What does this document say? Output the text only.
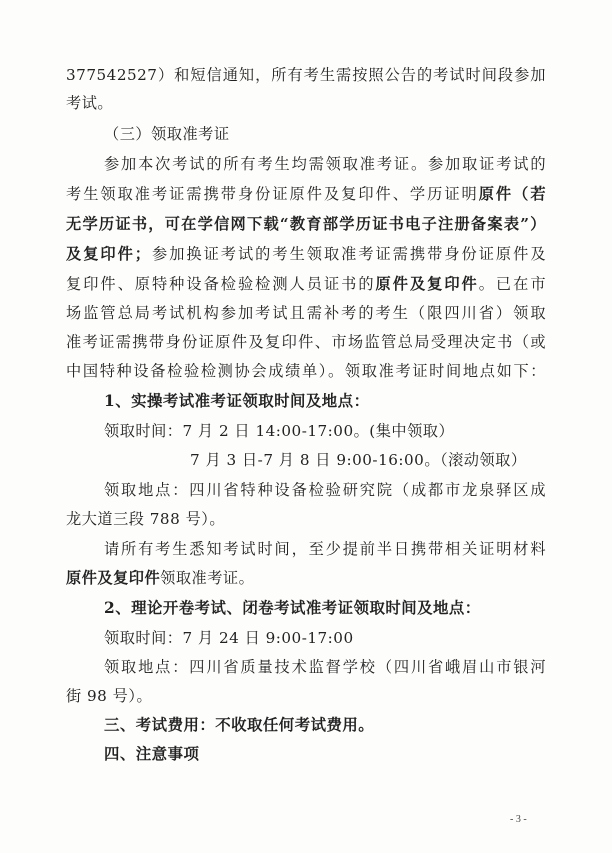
377542527）和短信通知，所有考生需按照公告的考试时间段参加
考试。
（三）领取准考证
参加本次考试的所有考生均需领取准考证。参加取证考试的
考生领取准考证需携带身份证原件及复印件、学历证明原件（若
无学历证书，可在学信网下载“教育部学历证书电子注册备案表”）
及复印件；参加换证考试的考生领取准考证需携带身份证原件及
复印件、原特种设备检验检测人员证书的原件及复印件。已在市
场监管总局考试机构参加考试且需补考的考生（限四川省）领取
准考证需携带身份证原件及复印件、市场监管总局受理决定书（或
中国特种设备检验检测协会成绩单）。领取准考证时间地点如下：
1、实操考试准考证领取时间及地点：
领取时间：7 月 2 日 14:00-17:00。(集中领取）
7 月 3 日-7 月 8 日 9:00-16:00。（滚动领取）
领取地点：四川省特种设备检验研究院（成都市龙泉驿区成
龙大道三段 788 号）。
请所有考生悉知考试时间，至少提前半日携带相关证明材料
原件及复印件领取准考证。
2、理论开卷考试、闭卷考试准考证领取时间及地点：
领取时间：7 月 24 日 9:00-17:00
领取地点：四川省质量技术监督学校（四川省峨眉山市银河
街 98 号）。
三、考试费用：不收取任何考试费用。
四、注意事项
- 3 -
